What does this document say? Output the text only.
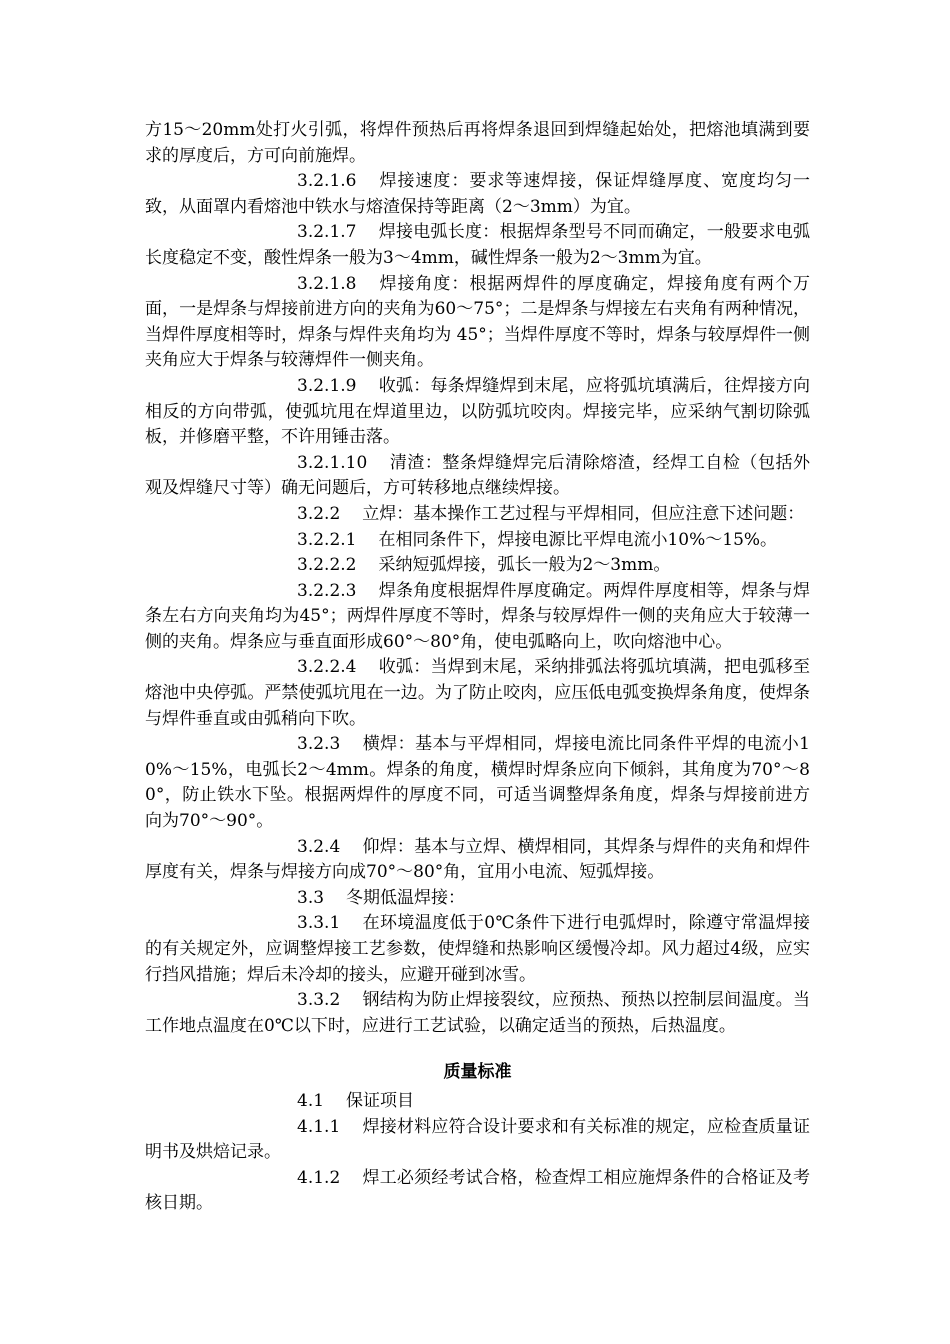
方15～20mm处打火引弧，将焊件预热后再将焊条退回到焊缝起始处，把熔池填满到要求的厚度后，方可向前施焊。

3.2.1.6 焊接速度：要求等速焊接，保证焊缝厚度、宽度均匀一致，从面罩内看熔池中铁水与熔渣保持等距离（2～3mm）为宜。

3.2.1.7 焊接电弧长度：根据焊条型号不同而确定，一般要求电弧长度稳定不变，酸性焊条一般为3～4mm，碱性焊条一般为2～3mm为宜。

3.2.1.8 焊接角度：根据两焊件的厚度确定，焊接角度有两个万面，一是焊条与焊接前进方向的夹角为60～75°；二是焊条与焊接左右夹角有两种情况，当焊件厚度相等时，焊条与焊件夹角均为 45°；当焊件厚度不等时，焊条与较厚焊件一侧夹角应大于焊条与较薄焊件一侧夹角。

3.2.1.9 收弧：每条焊缝焊到末尾，应将弧坑填满后，往焊接方向相反的方向带弧，使弧坑甩在焊道里边，以防弧坑咬肉。焊接完毕，应采纳气割切除弧板，并修磨平整，不许用锤击落。

3.2.1.10 清渣：整条焊缝焊完后清除熔渣，经焊工自检（包括外观及焊缝尺寸等）确无问题后，方可转移地点继续焊接。

3.2.2 立焊：基本操作工艺过程与平焊相同，但应注意下述问题：

3.2.2.1 在相同条件下，焊接电源比平焊电流小10%～15%。

3.2.2.2 采纳短弧焊接，弧长一般为2～3mm。

3.2.2.3 焊条角度根据焊件厚度确定。两焊件厚度相等，焊条与焊条左右方向夹角均为45°；两焊件厚度不等时，焊条与较厚焊件一侧的夹角应大于较薄一侧的夹角。焊条应与垂直面形成60°～80°角，使电弧略向上，吹向熔池中心。

3.2.2.4 收弧：当焊到末尾，采纳排弧法将弧坑填满，把电弧移至熔池中央停弧。严禁使弧坑甩在一边。为了防止咬肉，应压低电弧变换焊条角度，使焊条与焊件垂直或由弧稍向下吹。

3.2.3 横焊：基本与平焊相同，焊接电流比同条件平焊的电流小10%～15%，电弧长2～4mm。焊条的角度，横焊时焊条应向下倾斜，其角度为70°～80°，防止铁水下坠。根据两焊件的厚度不同，可适当调整焊条角度，焊条与焊接前进方向为70°～90°。

3.2.4 仰焊：基本与立焊、横焊相同，其焊条与焊件的夹角和焊件厚度有关，焊条与焊接方向成70°～80°角，宜用小电流、短弧焊接。

3.3 冬期低温焊接：

3.3.1 在环境温度低于0℃条件下进行电弧焊时，除遵守常温焊接的有关规定外，应调整焊接工艺参数，使焊缝和热影响区缓慢冷却。风力超过4级，应实行挡风措施；焊后未冷却的接头，应避开碰到冰雪。

3.3.2 钢结构为防止焊接裂纹，应预热、预热以控制层间温度。当工作地点温度在0℃以下时，应进行工艺试验，以确定适当的预热，后热温度。

质量标准

4.1 保证项目

4.1.1 焊接材料应符合设计要求和有关标准的规定，应检查质量证明书及烘焙记录。

4.1.2 焊工必须经考试合格，检查焊工相应施焊条件的合格证及考核日期。
